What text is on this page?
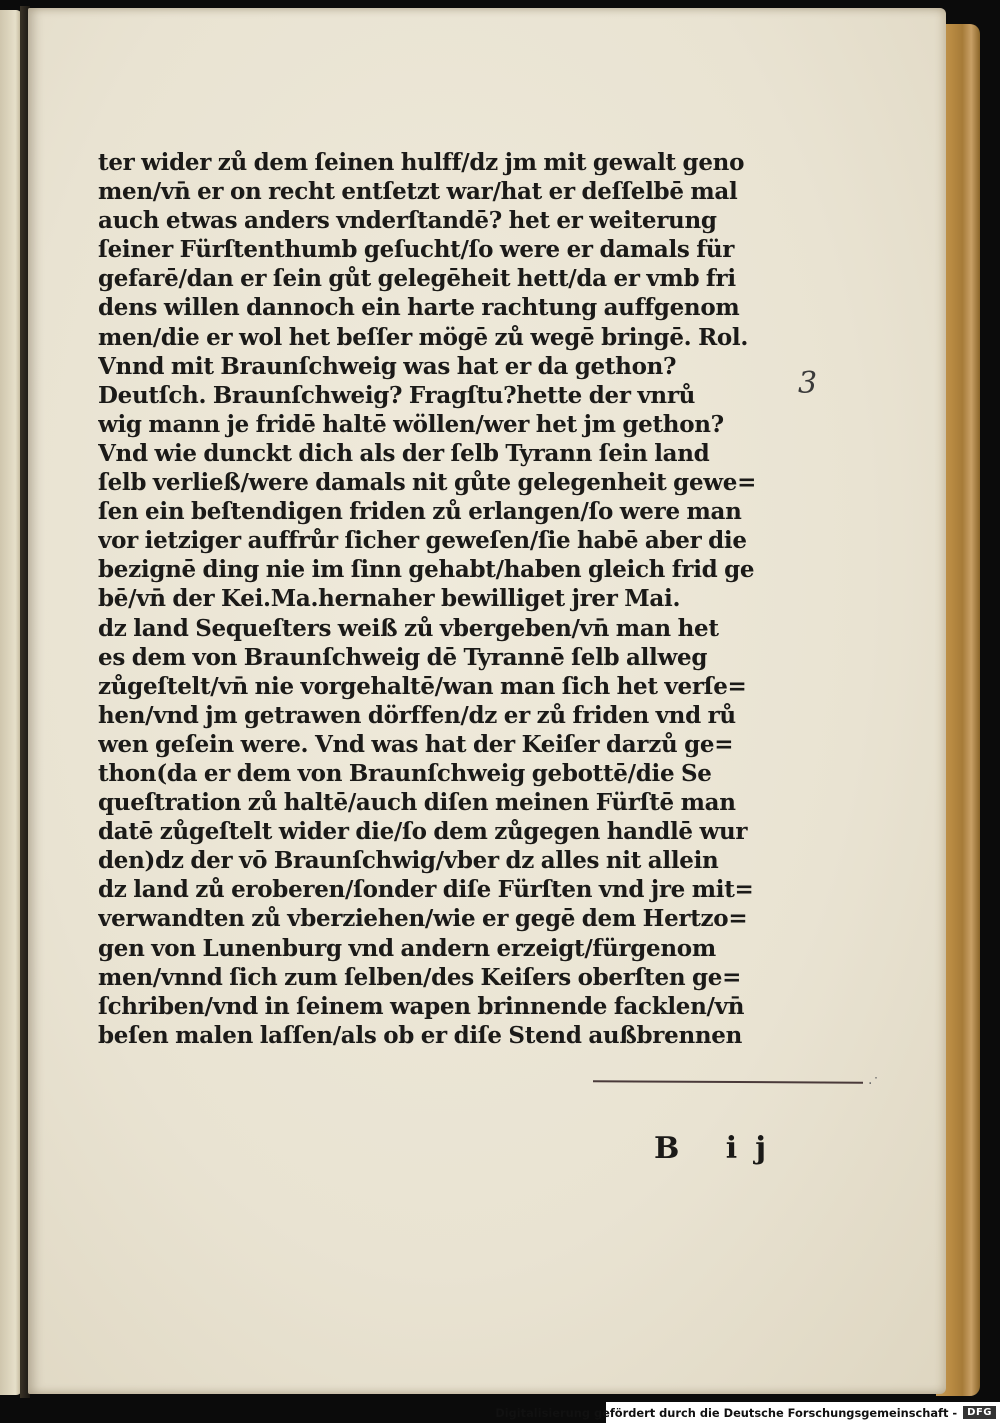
ter wider zů dem ſeinen hulff/dz jm mit gewalt geno
men/vn̄ er on recht entſetzt war/hat er deſſelbē mal
auch etwas anders vnderſtandē? het er weiterung
ſeiner Fürſtenthumb geſucht/ſo were er damals für
gefarē/dan er ſein gůt gelegēheit hett/da er vmb fri
dens willen dannoch ein harte rachtung auffgenom
men/die er wol het beſſer mögē zů wegē bringē. Rol.
Vnnd mit Braunſchweig was hat er da gethon?
Deutſch. Braunſchweig? Fragſtu?hette der vnrů
wig mann je fridē haltē wöllen/wer het jm gethon?
Vnd wie dunckt dich als der ſelb Tyrann ſein land
ſelb verließ/were damals nit gůte gelegenheit gewe=
ſen ein beſtendigen friden zů erlangen/ſo were man
vor ietziger auffrůr ſicher geweſen/ſie habē aber die
bezignē ding nie im ſinn gehabt/haben gleich frid ge
bē/vn̄ der Kei.Ma.hernaher bewilliget jrer Mai.
dz land Sequeſters weiß zů vbergeben/vn̄ man het
es dem von Braunſchweig dē Tyrannē ſelb allweg
zůgeſtelt/vn̄ nie vorgehaltē/wan man ſich het verſe=
hen/vnd jm getrawen dörffen/dz er zů friden vnd rů
wen geſein were. Vnd was hat der Keiſer darzů ge=
thon(da er dem von Braunſchweig gebottē/die Se
queſtration zů haltē/auch diſen meinen Fürſtē man
datē zůgeſtelt wider die/ſo dem zůgegen handlē wur
den)dz der vō Braunſchwig/vber dz alles nit allein
dz land zů eroberen/ſonder diſe Fürſten vnd jre mit=
verwandten zů vberziehen/wie er gegē dem Hertzo=
gen von Lunenburg vnd andern erzeigt/fürgenom
men/vnnd ſich zum ſelben/des Keiſers oberſten ge=
ſchriben/vnd in ſeinem wapen brinnende facklen/vn̄
beſen malen laſſen/als ob er diſe Stend außbrennen
3
·˙
B ij
Digitalisierung gefördert durch die Deutsche Forschungsgemeinschaft -	DFG
